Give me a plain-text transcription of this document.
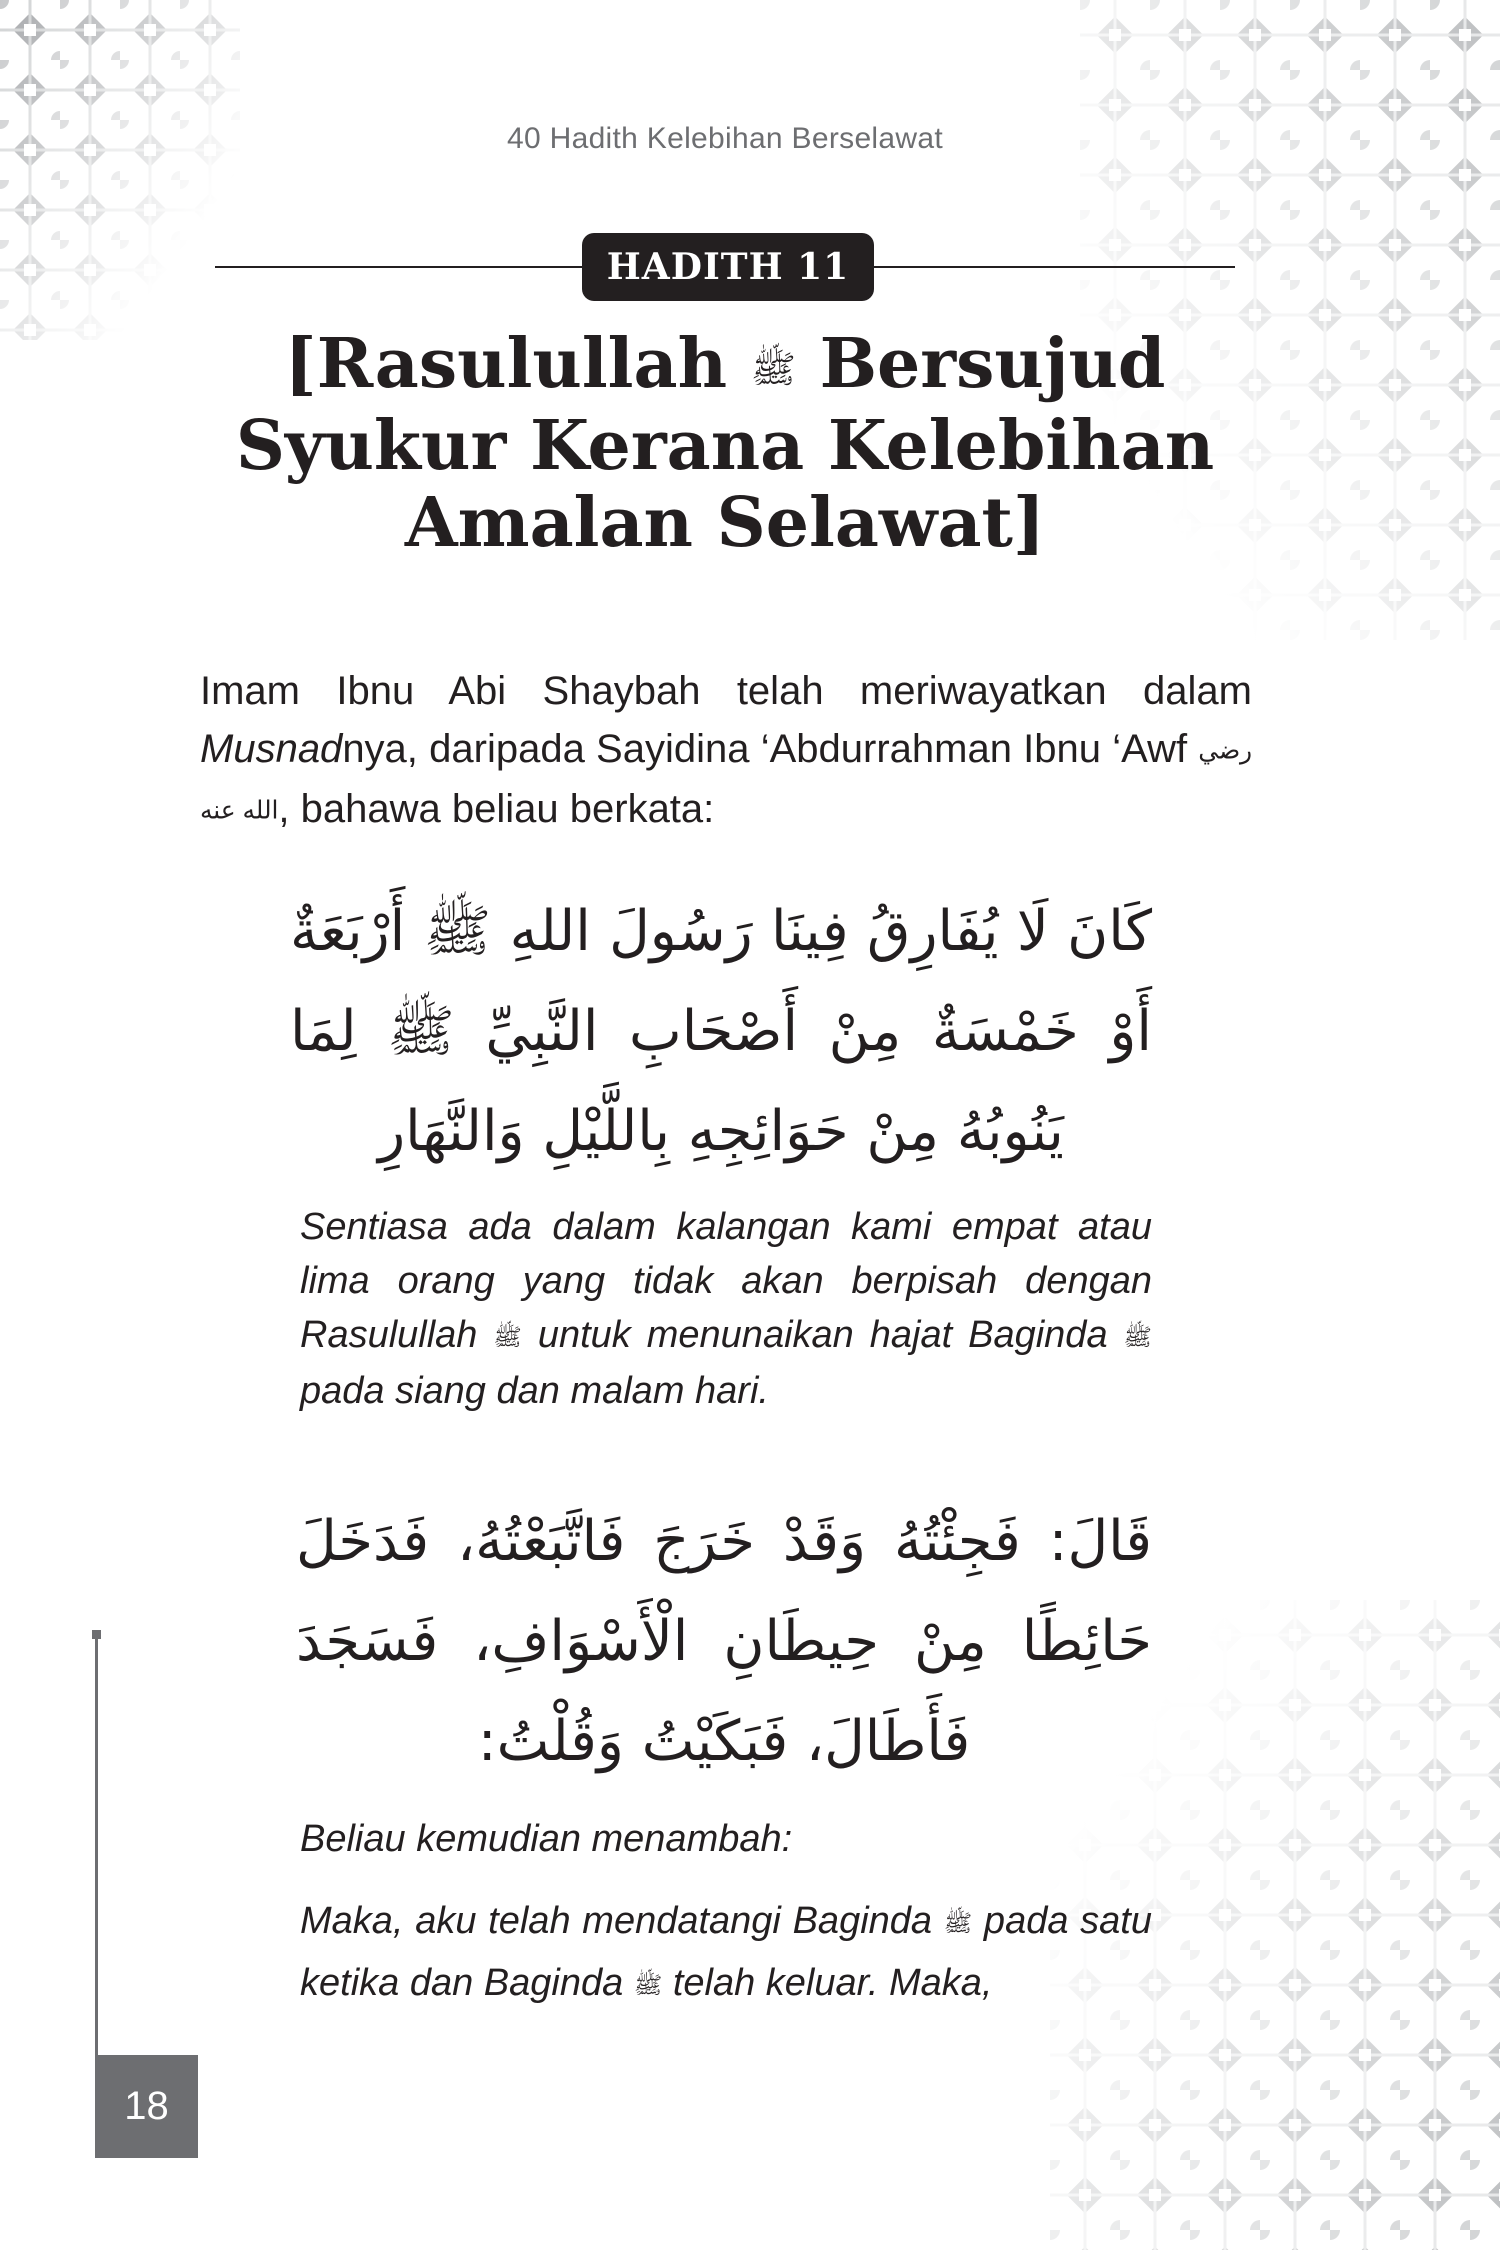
40 Hadith Kelebihan Berselawat
HADITH 11
[Rasulullah ﷺ Bersujud
Syukur Kerana Kelebihan
Amalan Selawat]

Imam Ibnu Abi Shaybah telah meriwayatkan dalam Musnadnya, daripada Sayidina ‘Abdurrahman Ibnu ‘Awf رضي الله عنه, bahawa beliau berkata:

كَانَ لَا يُفَارِقُ فِينَا رَسُولَ اللهِ ﷺ أَرْبَعَةٌ أَوْ خَمْسَةٌ مِنْ أَصْحَابِ النَّبِيِّ ﷺ لِمَا يَنُوبُهُ مِنْ حَوَائِجِهِ بِاللَّيْلِ وَالنَّهَارِ

Sentiasa ada dalam kalangan kami empat atau lima orang yang tidak akan berpisah dengan Rasulullah ﷺ untuk menunaikan hajat Baginda ﷺ pada siang dan malam hari.

قَالَ: فَجِئْتُهُ وَقَدْ خَرَجَ فَاتَّبَعْتُهُ، فَدَخَلَ حَائِطًا مِنْ حِيطَانِ الْأَسْوَافِ، فَسَجَدَ فَأَطَالَ، فَبَكَيْتُ وَقُلْتُ:

Beliau kemudian menambah:

Maka, aku telah mendatangi Baginda ﷺ pada satu ketika dan Baginda ﷺ telah keluar. Maka,

18
